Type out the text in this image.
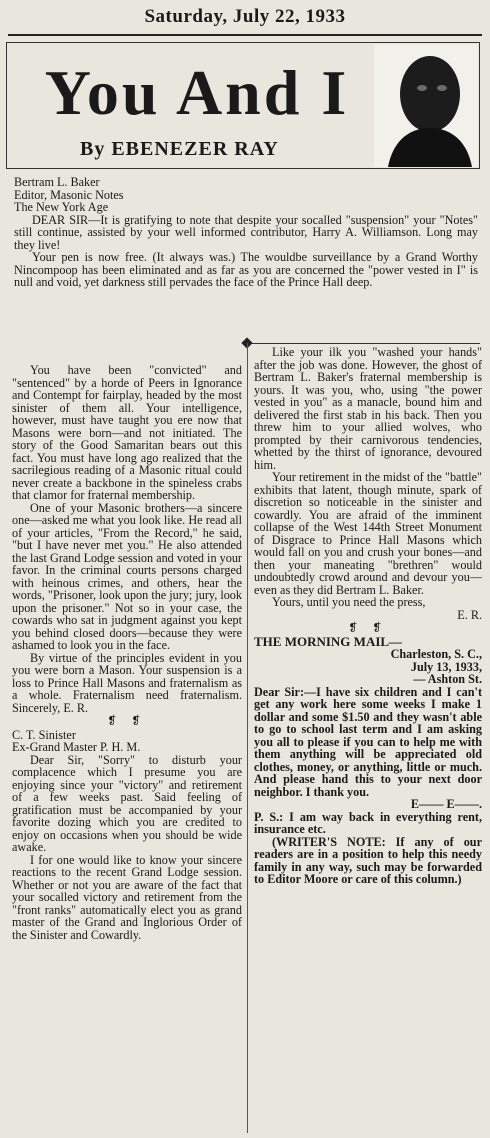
Saturday, July 22, 1933
You And I
By EBENEZER RAY

Bertram L. Baker

Editor, Masonic Notes

The New York Age

DEAR SIR—It is gratifying to note that despite your socalled "suspension" your "Notes" still continue, assisted by your well informed contributor, Harry A. Williamson. Long may they live!

Your pen is now free. (It always was.) The wouldbe surveillance by a Grand Worthy Nincompoop has been eliminated and as far as you are concerned the "power vested in I" is null and void, yet darkness still pervades the face of the Prince Hall deep.

You have been "convicted" and "sentenced" by a horde of Peers in Ignorance and Contempt for fairplay, headed by the most sinister of them all. Your intelligence, however, must have taught you ere now that Masons were born—and not initiated. The story of the Good Samaritan bears out this fact. You must have long ago realized that the sacrilegious reading of a Masonic ritual could never create a backbone in the spineless crabs that clamor for fraternal membership.

One of your Masonic brothers—a sincere one—asked me what you look like. He read all of your articles, "From the Record," he said, "but I have never met you." He also attended the last Grand Lodge session and voted in your favor. In the criminal courts persons charged with heinous crimes, and others, hear the words, "Prisoner, look upon the jury; jury, look upon the prisoner." Not so in your case, the cowards who sat in judgment against you kept you behind closed doors—because they were ashamed to look you in the face.

By virtue of the principles evident in you you were born a Mason. Your suspension is a loss to Prince Hall Masons and fraternalism as a whole. Fraternalism need fraternalism. Sincerely, E. R.

❡ ❡

C. T. Sinister

Ex-Grand Master P. H. M.

Dear Sir, "Sorry" to disturb your complacence which I presume you are enjoying since your "victory" and retirement of a few weeks past. Said feeling of gratification must be accompanied by your favorite dozing which you are credited to enjoy on occasions when you should be wide awake.

I for one would like to know your sincere reactions to the recent Grand Lodge session. Whether or not you are aware of the fact that your socalled victory and retirement from the "front ranks" automatically elect you as grand master of the Grand and Inglorious Order of the Sinister and Cowardly.

Like your ilk you "washed your hands" after the job was done. However, the ghost of Bertram L. Baker's fraternal membership is yours. It was you, who, using "the power vested in you" as a manacle, bound him and delivered the first stab in his back. Then you threw him to your allied wolves, who prompted by their carnivorous tendencies, whetted by the thirst of ignorance, devoured him.

Your retirement in the midst of the "battle" exhibits that latent, though minute, spark of discretion so noticeable in the sinister and cowardly. You are afraid of the imminent collapse of the West 144th Street Monument of Disgrace to Prince Hall Masons which would fall on you and crush your bones—and then your maneating "brethren" would undoubtedly crowd around and devour you—even as they did Bertram L. Baker.

Yours, until you need the press,

E. R.

❡ ❡

THE MORNING MAIL—

Charleston, S. C.,

July 13, 1933,

— Ashton St.

Dear Sir:—I have six children and I can't get any work here some weeks I make 1 dollar and some $1.50 and they wasn't able to go to school last term and I am asking you all to please if you can to help me with them anything will be appreciated old clothes, money, or anything, little or much. And please hand this to your next door neighbor. I thank you.

E—— E——.

P. S.: I am way back in everything rent, insurance etc.

(WRITER'S NOTE: If any of our readers are in a position to help this needy family in any way, such may be forwarded to Editor Moore or care of this column.)
